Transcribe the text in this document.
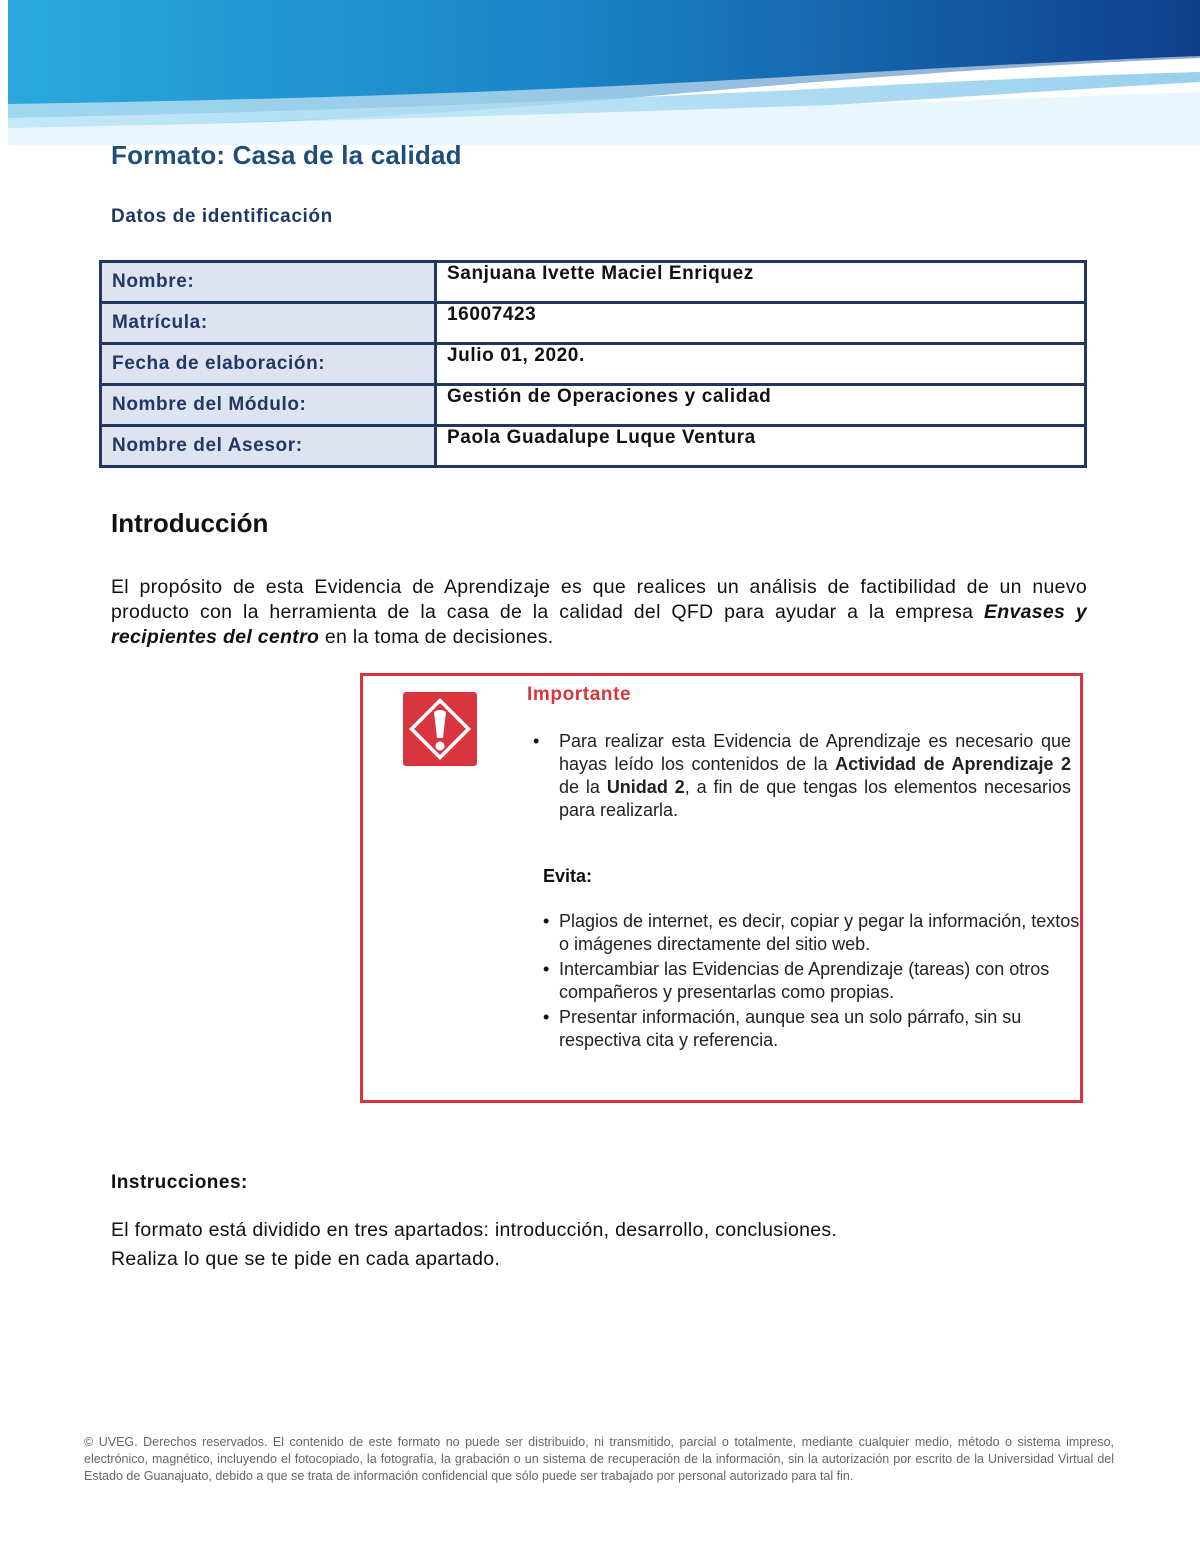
Formato: Casa de la calidad
Datos de identificación
Nombre:	Sanjuana Ivette Maciel Enriquez
Matrícula:	16007423
Fecha de elaboración:	Julio 01, 2020.
Nombre del Módulo:	Gestión de Operaciones y calidad
Nombre del Asesor:	Paola Guadalupe Luque Ventura
Introducción
El propósito de esta Evidencia de Aprendizaje es que realices un análisis de factibilidad de un nuevo producto con la herramienta de la casa de la calidad del QFD para ayudar a la empresa Envases y recipientes del centro en la toma de decisiones.
Importante
• Para realizar esta Evidencia de Aprendizaje es necesario que hayas leído los contenidos de la Actividad de Aprendizaje 2 de la Unidad 2, a fin de que tengas los elementos necesarios para realizarla.
Evita:
• Plagios de internet, es decir, copiar y pegar la información, textos o imágenes directamente del sitio web.
• Intercambiar las Evidencias de Aprendizaje (tareas) con otros compañeros y presentarlas como propias.
• Presentar información, aunque sea un solo párrafo, sin su respectiva cita y referencia.
Instrucciones:
El formato está dividido en tres apartados: introducción, desarrollo, conclusiones.
Realiza lo que se te pide en cada apartado.
© UVEG. Derechos reservados. El contenido de este formato no puede ser distribuido, ni transmitido, parcial o totalmente, mediante cualquier medio, método o sistema impreso, electrónico, magnético, incluyendo el fotocopiado, la fotografía, la grabación o un sistema de recuperación de la información, sin la autorización por escrito de la Universidad Virtual del Estado de Guanajuato, debido a que se trata de información confidencial que sólo puede ser trabajado por personal autorizado para tal fin.
